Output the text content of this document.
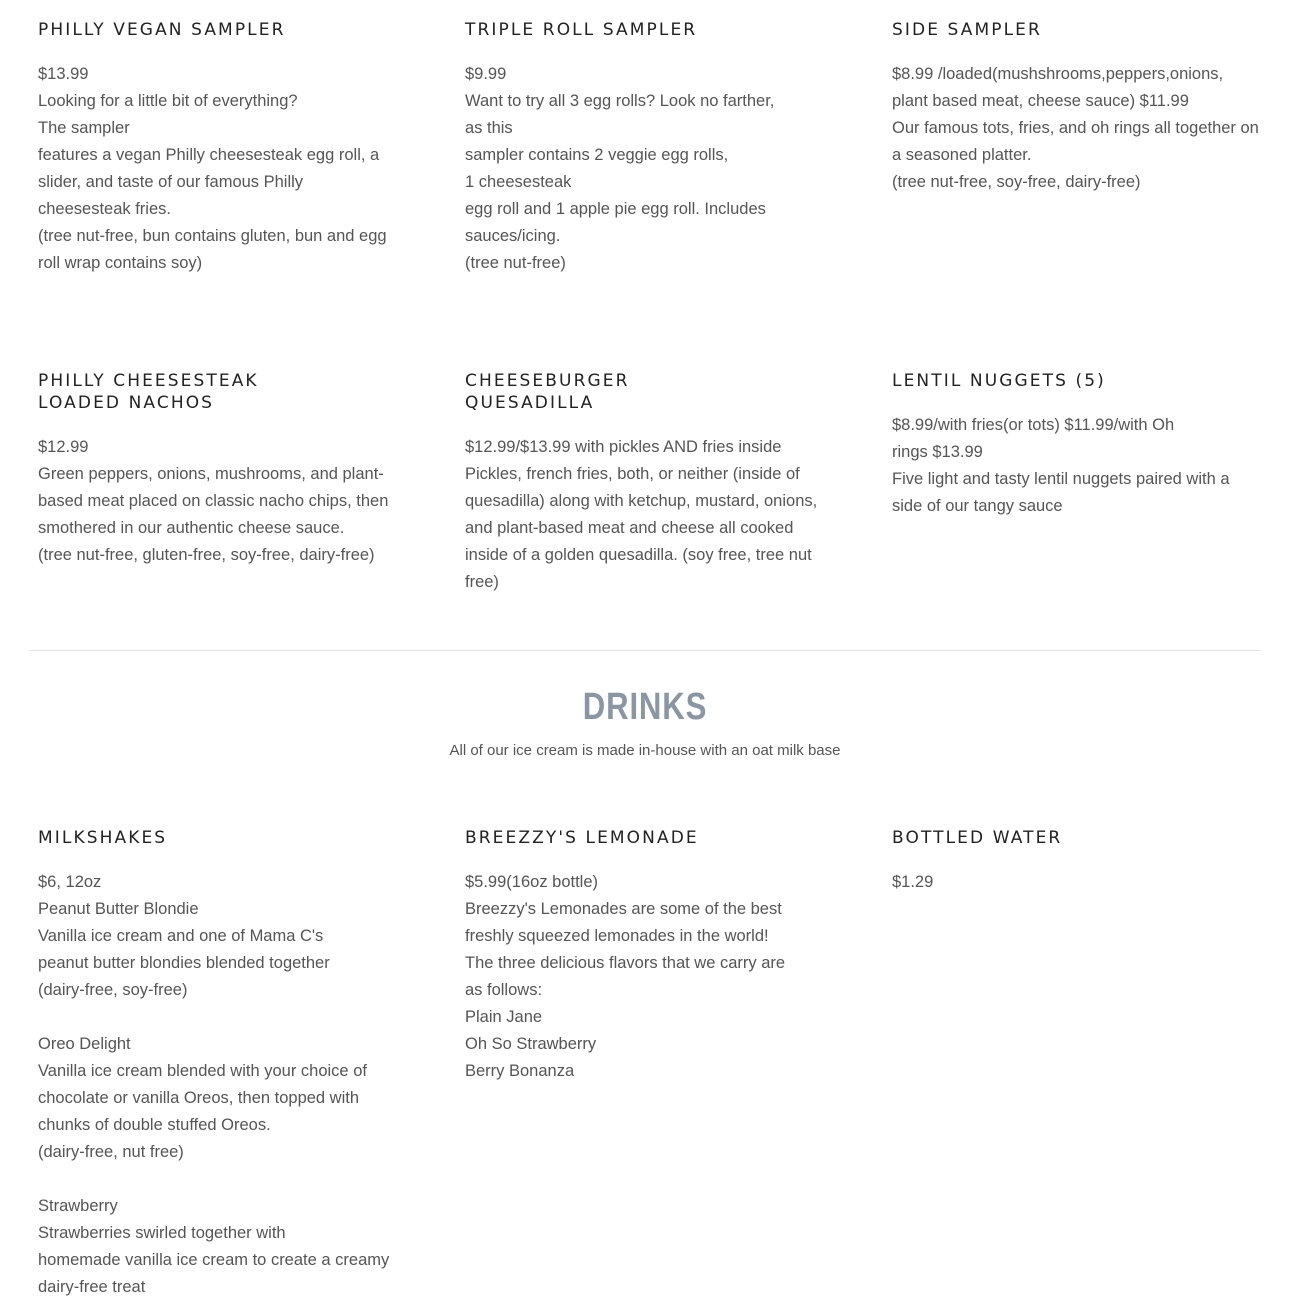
PHILLY VEGAN SAMPLER
$13.99
Looking for a little bit of everything?
The sampler
features a vegan Philly cheesesteak egg roll, a slider, and taste of our famous Philly cheesesteak fries.
(tree nut-free, bun contains gluten, bun and egg roll wrap contains soy)
TRIPLE ROLL SAMPLER
$9.99
Want to try all 3 egg rolls? Look no farther,
as this
sampler contains 2 veggie egg rolls,
1 cheesesteak
egg roll and 1 apple pie egg roll. Includes sauces/icing.
(tree nut-free)
SIDE SAMPLER
$8.99 /loaded(mushshrooms,peppers,onions, plant based meat, cheese sauce) $11.99
Our famous tots, fries, and oh rings all together on a seasoned platter.
(tree nut-free, soy-free, dairy-free)
PHILLY CHEESESTEAK
LOADED NACHOS
$12.99
Green peppers, onions, mushrooms, and plant-based meat placed on classic nacho chips, then smothered in our authentic cheese sauce.
(tree nut-free, gluten-free, soy-free, dairy-free)
CHEESEBURGER
QUESADILLA
$12.99/$13.99 with pickles AND fries inside
Pickles, french fries, both, or neither (inside of quesadilla) along with ketchup, mustard, onions, and plant-based meat and cheese all cooked inside of a golden quesadilla. (soy free, tree nut free)
LENTIL NUGGETS (5)
$8.99/with fries(or tots) $11.99/with Oh
rings $13.99
Five light and tasty lentil nuggets paired with a side of our tangy sauce
DRINKS
All of our ice cream is made in-house with an oat milk base
MILKSHAKES
$6, 12oz
Peanut Butter Blondie
Vanilla ice cream and one of Mama C's
peanut butter blondies blended together
(dairy-free, soy-free)

Oreo Delight
Vanilla ice cream blended with your choice of chocolate or vanilla Oreos, then topped with chunks of double stuffed Oreos.
(dairy-free, nut free)

Strawberry
Strawberries swirled together with
homemade vanilla ice cream to create a creamy dairy-free treat
BREEZZY'S LEMONADE
$5.99(16oz bottle)
Breezzy's Lemonades are some of the best
freshly squeezed lemonades in the world!
The three delicious flavors that we carry are
as follows:
Plain Jane
Oh So Strawberry
Berry Bonanza
BOTTLED WATER
$1.29
